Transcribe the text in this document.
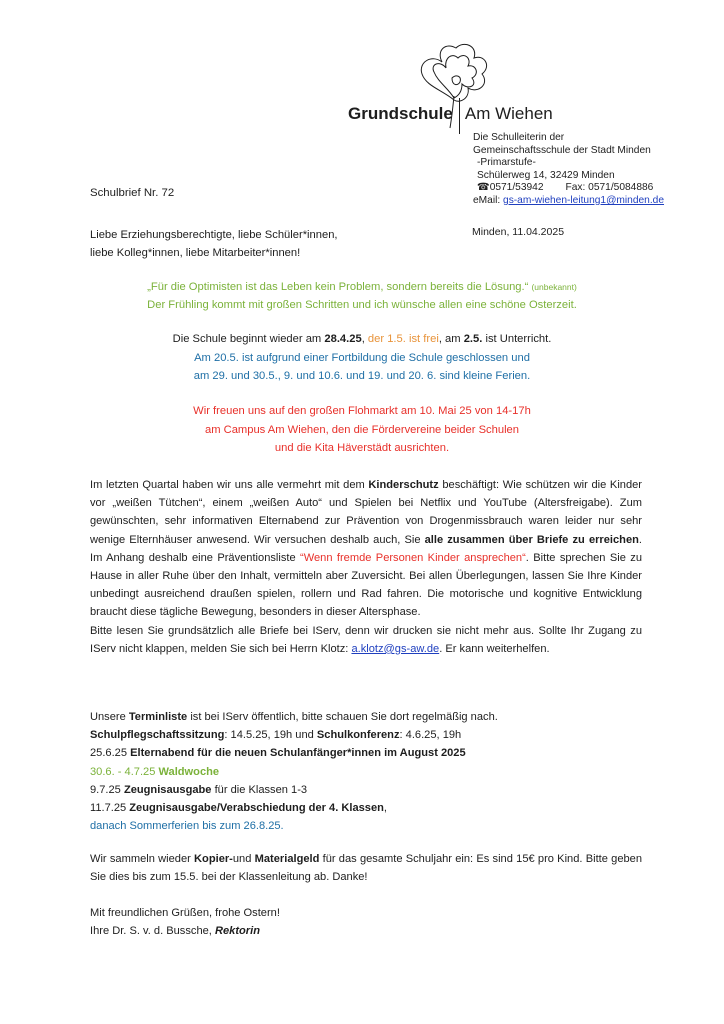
Grundschule Am Wiehen
Die Schulleiterin der
Gemeinschaftsschule der Stadt Minden
-Primarstufe-
Schülerweg 14, 32429 Minden
☎0571/53942 Fax: 0571/5084886
eMail: gs-am-wiehen-leitung1@minden.de
Schulbrief Nr. 72
Liebe Erziehungsberechtigte, liebe Schüler*innen,
liebe Kolleg*innen, liebe Mitarbeiter*innen!
Minden, 11.04.2025
„Für die Optimisten ist das Leben kein Problem, sondern bereits die Lösung.“ (unbekannt)
Der Frühling kommt mit großen Schritten und ich wünsche allen eine schöne Osterzeit.
Die Schule beginnt wieder am 28.4.25, der 1.5. ist frei, am 2.5. ist Unterricht.
Am 20.5. ist aufgrund einer Fortbildung die Schule geschlossen und
am 29. und 30.5., 9. und 10.6. und 19. und 20. 6. sind kleine Ferien.
Wir freuen uns auf den großen Flohmarkt am 10. Mai 25 von 14-17h
am Campus Am Wiehen, den die Fördervereine beider Schulen
und die Kita Häverstädt ausrichten.

Im letzten Quartal haben wir uns alle vermehrt mit dem Kinderschutz beschäftigt: Wie schützen wir die Kinder vor „weißen Tütchen“, einem „weißen Auto“ und Spielen bei Netflix und YouTube (Altersfreigabe). Zum gewünschten, sehr informativen Elternabend zur Prävention von Drogenmissbrauch waren leider nur sehr wenige Elternhäuser anwesend. Wir versuchen deshalb auch, Sie alle zusammen über Briefe zu erreichen. Im Anhang deshalb eine Präventionsliste “Wenn fremde Personen Kinder ansprechen“. Bitte sprechen Sie zu Hause in aller Ruhe über den Inhalt, vermitteln aber Zuversicht. Bei allen Überlegungen, lassen Sie Ihre Kinder unbedingt ausreichend draußen spielen, rollern und Rad fahren. Die motorische und kognitive Entwicklung braucht diese tägliche Bewegung, besonders in dieser Altersphase.

Bitte lesen Sie grundsätzlich alle Briefe bei IServ, denn wir drucken sie nicht mehr aus. Sollte Ihr Zugang zu IServ nicht klappen, melden Sie sich bei Herrn Klotz: a.klotz@gs-aw.de. Er kann weiterhelfen.

Unsere Terminliste ist bei IServ öffentlich, bitte schauen Sie dort regelmäßig nach.

Schulpflegschaftssitzung: 14.5.25, 19h und Schulkonferenz: 4.6.25, 19h

25.6.25 Elternabend für die neuen Schulanfänger*innen im August 2025

30.6. - 4.7.25 Waldwoche

9.7.25 Zeugnisausgabe für die Klassen 1-3

11.7.25 Zeugnisausgabe/Verabschiedung der 4. Klassen,

danach Sommerferien bis zum 26.8.25.

Wir sammeln wieder Kopier-und Materialgeld für das gesamte Schuljahr ein: Es sind 15€ pro Kind. Bitte geben Sie dies bis zum 15.5. bei der Klassenleitung ab. Danke!
Mit freundlichen Grüßen, frohe Ostern!
Ihre Dr. S. v. d. Bussche, Rektorin
